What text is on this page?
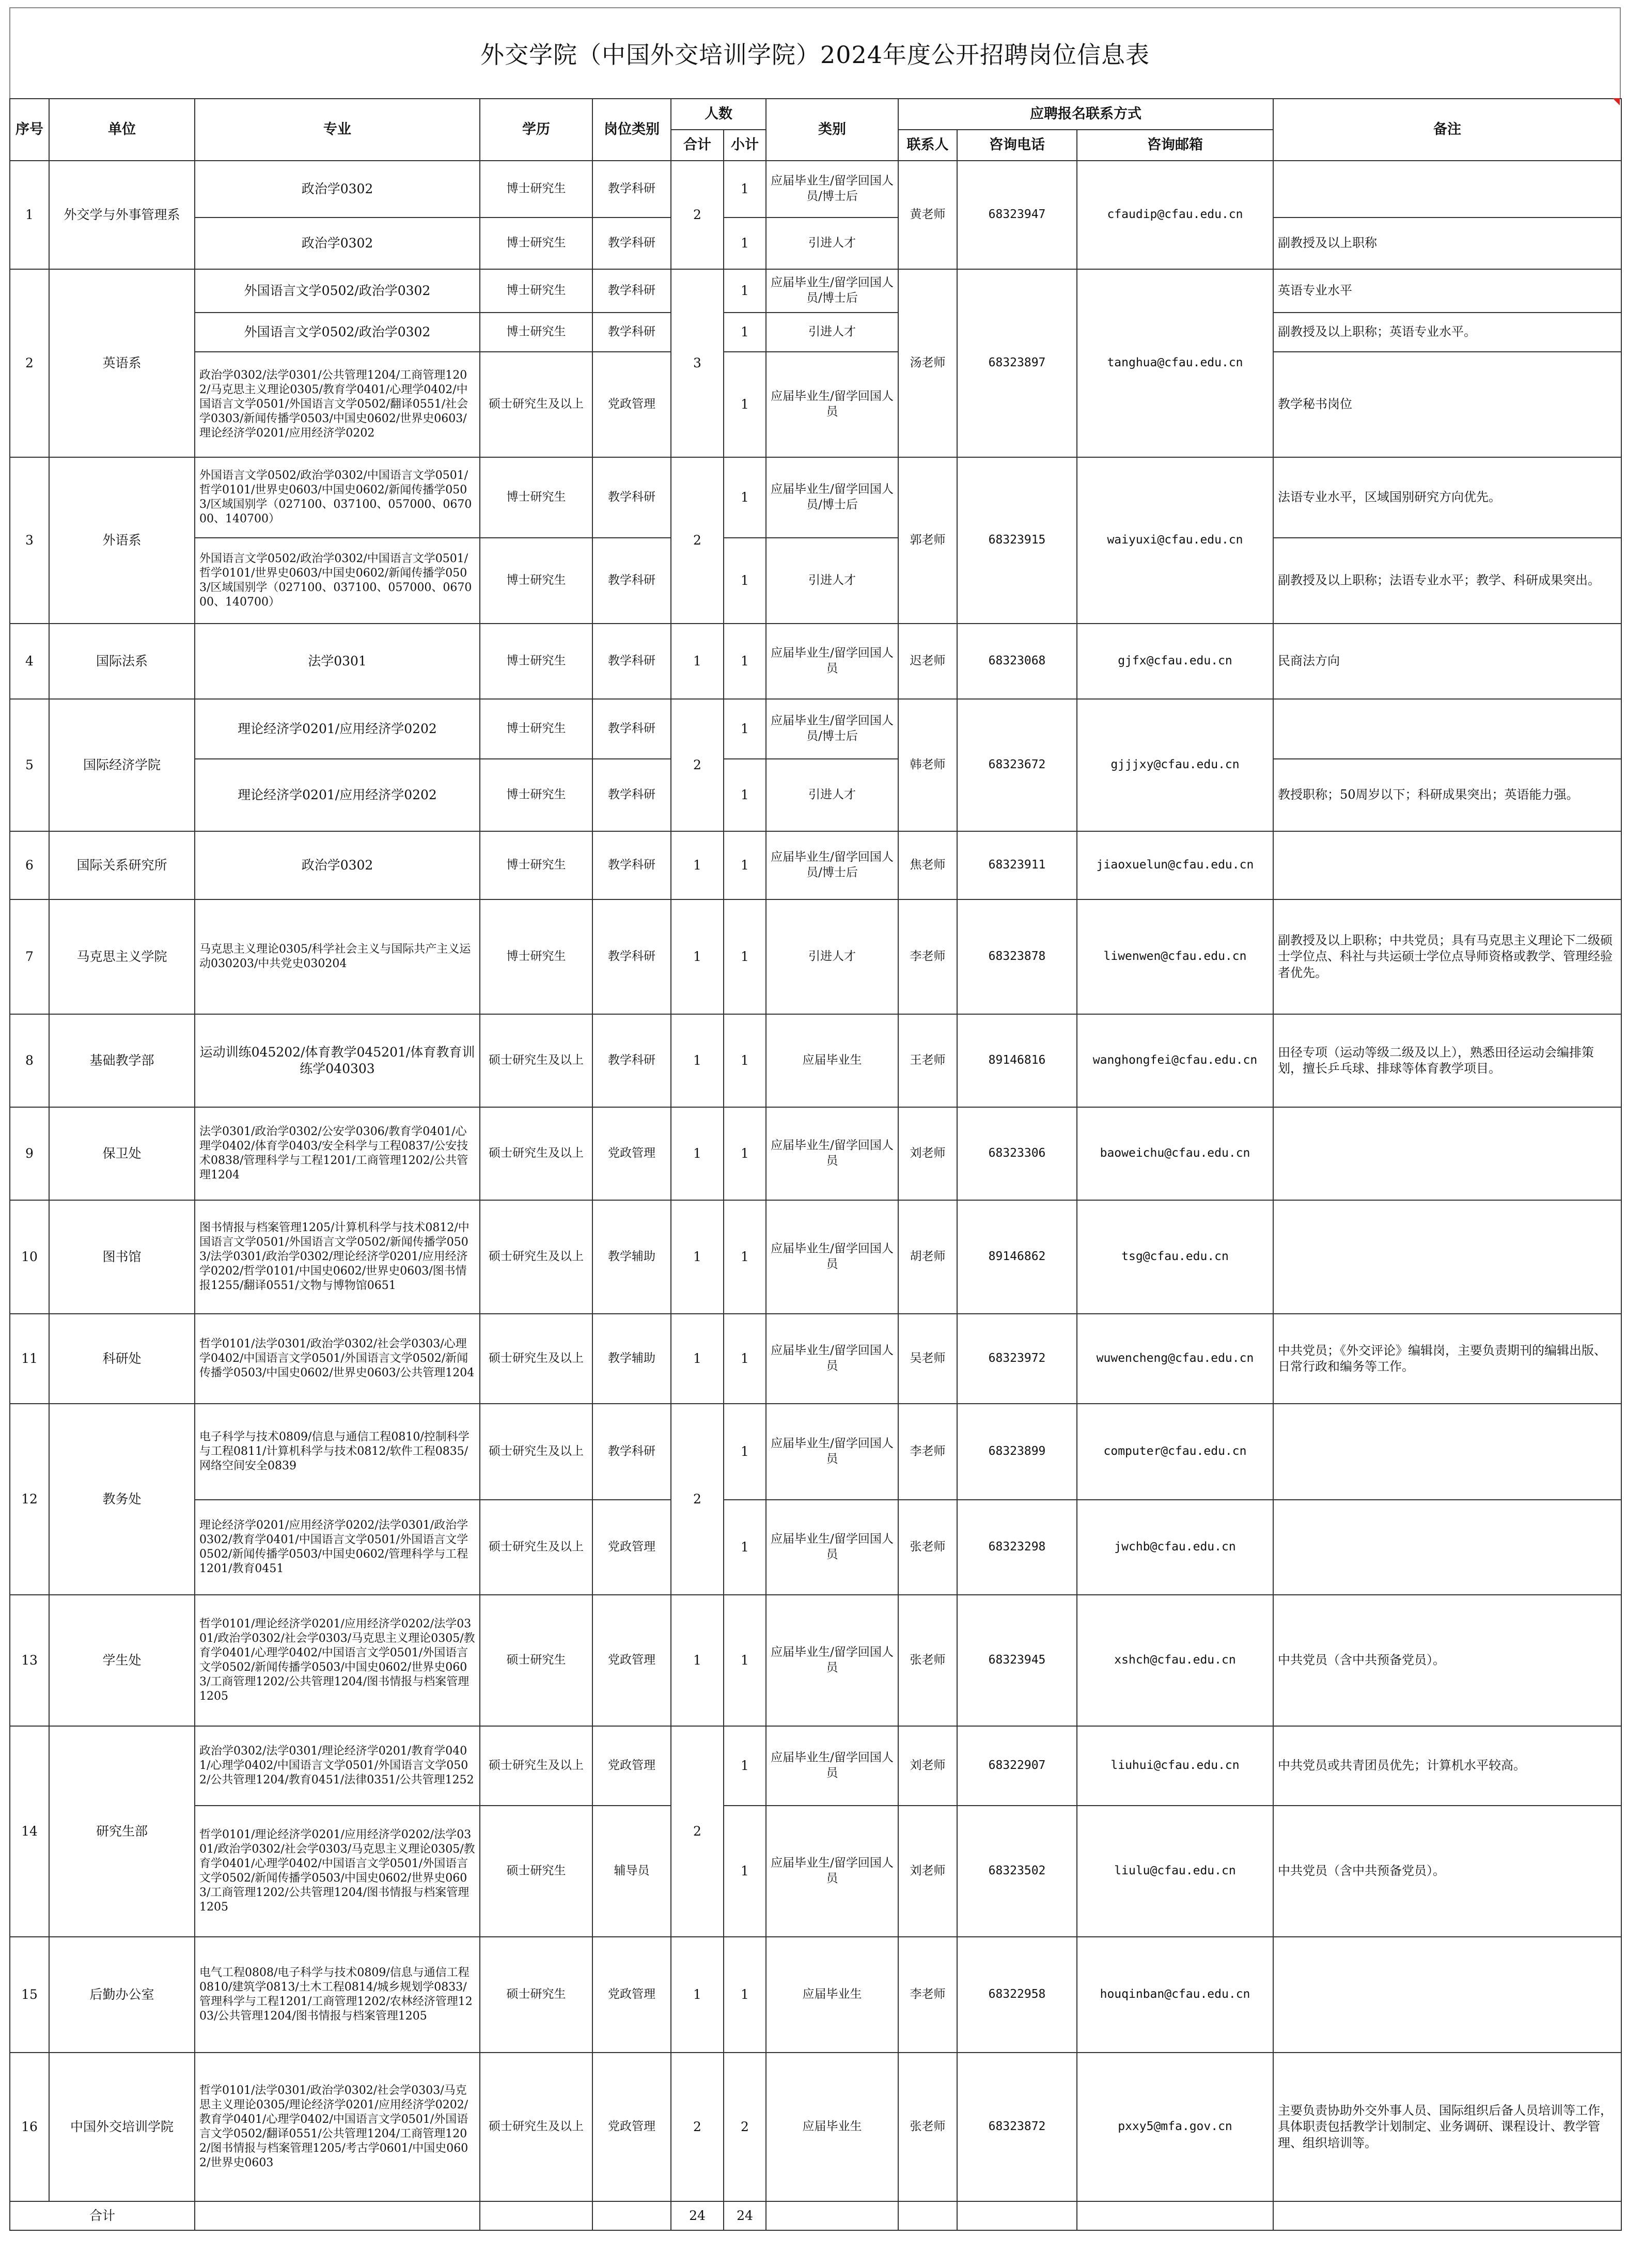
外交学院（中国外交培训学院）2024年度公开招聘岗位信息表
序号	单位	专业	学历	岗位类别	人数		类别	应聘报名联系方式			备注
					合计	小计		联系人	咨询电话	咨询邮箱	
1	外交学与外事管理系	政治学0302	博士研究生	教学科研	2	1	应届毕业生/留学回国人员/博士后	黄老师	68323947	cfaudip@cfau.edu.cn	
		政治学0302	博士研究生	教学科研		1	引进人才				副教授及以上职称
2	英语系	外国语言文学0502/政治学0302	博士研究生	教学科研	3	1	应届毕业生/留学回国人员/博士后	汤老师	68323897	tanghua@cfau.edu.cn	英语专业水平
		外国语言文学0502/政治学0302	博士研究生	教学科研		1	引进人才				副教授及以上职称；英语专业水平。
		政治学0302/法学0301/公共管理1204/工商管理1202/马克思主义理论0305/教育学0401/心理学0402/中国语言文学0501/外国语言文学0502/翻译0551/社会学0303/新闻传播学0503/中国史0602/世界史0603/理论经济学0201/应用经济学0202	硕士研究生及以上	党政管理		1	应届毕业生/留学回国人员				教学秘书岗位
3	外语系	外国语言文学0502/政治学0302/中国语言文学0501/哲学0101/世界史0603/中国史0602/新闻传播学0503/区域国别学（027100、037100、057000、067000、140700）	博士研究生	教学科研	2	1	应届毕业生/留学回国人员/博士后	郭老师	68323915	waiyuxi@cfau.edu.cn	法语专业水平，区域国别研究方向优先。
		外国语言文学0502/政治学0302/中国语言文学0501/哲学0101/世界史0603/中国史0602/新闻传播学0503/区域国别学（027100、037100、057000、067000、140700）	博士研究生	教学科研		1	引进人才				副教授及以上职称；法语专业水平；教学、科研成果突出。
4	国际法系	法学0301	博士研究生	教学科研	1	1	应届毕业生/留学回国人员	迟老师	68323068	gjfx@cfau.edu.cn	民商法方向
5	国际经济学院	理论经济学0201/应用经济学0202	博士研究生	教学科研	2	1	应届毕业生/留学回国人员/博士后	韩老师	68323672	gjjjxy@cfau.edu.cn	
		理论经济学0201/应用经济学0202	博士研究生	教学科研		1	引进人才				教授职称；50周岁以下；科研成果突出；英语能力强。
6	国际关系研究所	政治学0302	博士研究生	教学科研	1	1	应届毕业生/留学回国人员/博士后	焦老师	68323911	jiaoxuelun@cfau.edu.cn	
7	马克思主义学院	马克思主义理论0305/科学社会主义与国际共产主义运动030203/中共党史030204	博士研究生	教学科研	1	1	引进人才	李老师	68323878	liwenwen@cfau.edu.cn	副教授及以上职称；中共党员；具有马克思主义理论下二级硕士学位点、科社与共运硕士学位点导师资格或教学、管理经验者优先。
8	基础教学部	运动训练045202/体育教学045201/体育教育训练学040303	硕士研究生及以上	教学科研	1	1	应届毕业生	王老师	89146816	wanghongfei@cfau.edu.cn	田径专项（运动等级二级及以上），熟悉田径运动会编排策划，擅长乒乓球、排球等体育教学项目。
9	保卫处	法学0301/政治学0302/公安学0306/教育学0401/心理学0402/体育学0403/安全科学与工程0837/公安技术0838/管理科学与工程1201/工商管理1202/公共管理1204	硕士研究生及以上	党政管理	1	1	应届毕业生/留学回国人员	刘老师	68323306	baoweichu@cfau.edu.cn	
10	图书馆	图书情报与档案管理1205/计算机科学与技术0812/中国语言文学0501/外国语言文学0502/新闻传播学0503/法学0301/政治学0302/理论经济学0201/应用经济学0202/哲学0101/中国史0602/世界史0603/图书情报1255/翻译0551/文物与博物馆0651	硕士研究生及以上	教学辅助	1	1	应届毕业生/留学回国人员	胡老师	89146862	tsg@cfau.edu.cn	
11	科研处	哲学0101/法学0301/政治学0302/社会学0303/心理学0402/中国语言文学0501/外国语言文学0502/新闻传播学0503/中国史0602/世界史0603/公共管理1204	硕士研究生及以上	教学辅助	1	1	应届毕业生/留学回国人员	吴老师	68323972	wuwencheng@cfau.edu.cn	中共党员；《外交评论》编辑岗，主要负责期刊的编辑出版、日常行政和编务等工作。
12	教务处	电子科学与技术0809/信息与通信工程0810/控制科学与工程0811/计算机科学与技术0812/软件工程0835/网络空间安全0839	硕士研究生及以上	教学科研	2	1	应届毕业生/留学回国人员	李老师	68323899	computer@cfau.edu.cn	
		理论经济学0201/应用经济学0202/法学0301/政治学0302/教育学0401/中国语言文学0501/外国语言文学0502/新闻传播学0503/中国史0602/管理科学与工程1201/教育0451	硕士研究生及以上	党政管理		1	应届毕业生/留学回国人员	张老师	68323298	jwchb@cfau.edu.cn	
13	学生处	哲学0101/理论经济学0201/应用经济学0202/法学0301/政治学0302/社会学0303/马克思主义理论0305/教育学0401/心理学0402/中国语言文学0501/外国语言文学0502/新闻传播学0503/中国史0602/世界史0603/工商管理1202/公共管理1204/图书情报与档案管理1205	硕士研究生	党政管理	1	1	应届毕业生/留学回国人员	张老师	68323945	xshch@cfau.edu.cn	中共党员（含中共预备党员）。
14	研究生部	政治学0302/法学0301/理论经济学0201/教育学0401/心理学0402/中国语言文学0501/外国语言文学0502/公共管理1204/教育0451/法律0351/公共管理1252	硕士研究生及以上	党政管理	2	1	应届毕业生/留学回国人员	刘老师	68322907	liuhui@cfau.edu.cn	中共党员或共青团员优先；计算机水平较高。
		哲学0101/理论经济学0201/应用经济学0202/法学0301/政治学0302/社会学0303/马克思主义理论0305/教育学0401/心理学0402/中国语言文学0501/外国语言文学0502/新闻传播学0503/中国史0602/世界史0603/工商管理1202/公共管理1204/图书情报与档案管理1205	硕士研究生	辅导员		1	应届毕业生/留学回国人员	刘老师	68323502	liulu@cfau.edu.cn	中共党员（含中共预备党员）。
15	后勤办公室	电气工程0808/电子科学与技术0809/信息与通信工程0810/建筑学0813/土木工程0814/城乡规划学0833/管理科学与工程1201/工商管理1202/农林经济管理1203/公共管理1204/图书情报与档案管理1205	硕士研究生	党政管理	1	1	应届毕业生	李老师	68322958	houqinban@cfau.edu.cn	
16	中国外交培训学院	哲学0101/法学0301/政治学0302/社会学0303/马克思主义理论0305/理论经济学0201/应用经济学0202/教育学0401/心理学0402/中国语言文学0501/外国语言文学0502/翻译0551/公共管理1204/工商管理1202/图书情报与档案管理1205/考古学0601/中国史0602/世界史0603	硕士研究生及以上	党政管理	2	2	应届毕业生	张老师	68323872	pxxy5@mfa.gov.cn	主要负责协助外交外事人员、国际组织后备人员培训等工作，具体职责包括教学计划制定、业务调研、课程设计、教学管理、组织培训等。
合计					24	24					
